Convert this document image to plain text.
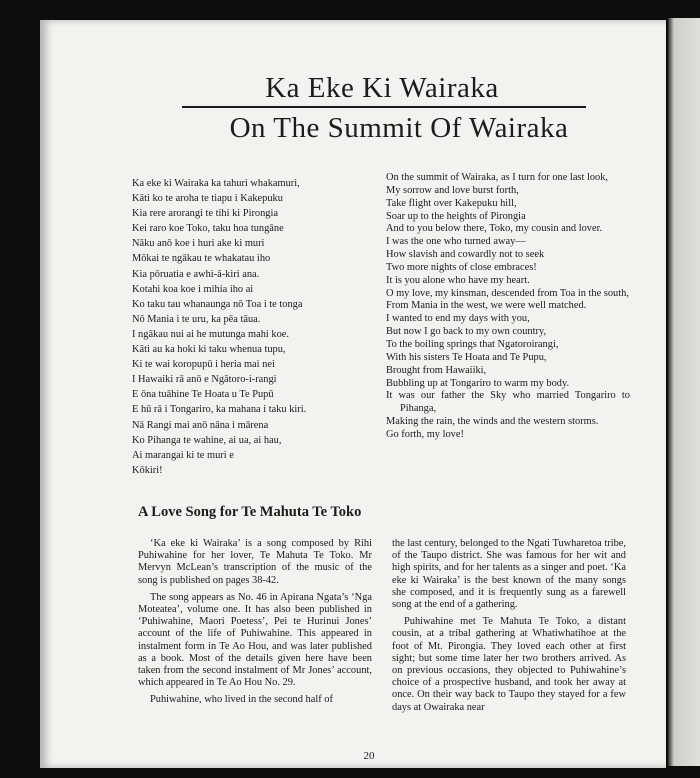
Ka Eke Ki Wairaka
On The Summit Of Wairaka
Ka eke ki Wairaka ka tahuri whakamuri,
Kāti ko te aroha te tiapu i Kakepuku
Kia rere arorangi te tihi ki Pirongia
Kei raro koe Toko, taku hoa tungāne
Nāku anō koe i huri ake ki muri
Mōkai te ngākau te whakatau iho
Kia pōruatia e awhi-ā-kiri ana.
Kotahi koa koe i mihia iho ai
Ko taku tau whanaunga nō Toa i te tonga
Nō Mania i te uru, ka pēa tāua.
I ngākau nui ai he mutunga mahi koe.
Kāti au ka hoki ki taku whenua tupu,
Ki te wai koropupū i heria mai nei
I Hawaiki rā anō e Ngātoro-i-rangi
E ōna tuāhine Te Hoata u Te Pupū
E hū rā i Tongariro, ka mahana i taku kiri.
Nā Rangi mai anō nāna i mārena
Ko Pihanga te wahine, ai ua, ai hau,
Ai marangai ki te muri e
Kōkiri!
On the summit of Wairaka, as I turn for one last look,
My sorrow and love burst forth,
Take flight over Kakepuku hill,
Soar up to the heights of Pirongia
And to you below there, Toko, my cousin and lover.
I was the one who turned away—
How slavish and cowardly not to seek
Two more nights of close embraces!
It is you alone who have my heart.
O my love, my kinsman, descended from Toa in the south,
From Mania in the west, we were well matched.
I wanted to end my days with you,
But now I go back to my own country,
To the boiling springs that Ngatoroirangi,
With his sisters Te Hoata and Te Pupu,
Brought from Hawaiiki,
Bubbling up at Tongariro to warm my body.
It was our father the Sky who married Tongariro to Pihanga,
Making the rain, the winds and the western storms.
Go forth, my love!
A Love Song for Te Mahuta Te Toko

‘Ka eke ki Wairaka’ is a song composed by Rihi Puhiwahine for her lover, Te Mahuta Te Toko. Mr Mervyn McLean’s transcription of the music of the song is published on pages 38-42.

The song appears as No. 46 in Apirana Ngata’s ‘Nga Moteatea’, volume one. It has also been published in ‘Puhiwahine, Maori Poetess’, Pei te Hurinui Jones’ account of the life of Puhiwahine. This appeared in instalment form in Te Ao Hou, and was later published as a book. Most of the details given here have been taken from the second instalment of Mr Jones’ account, which appeared in Te Ao Hou No. 29.

Puhiwahine, who lived in the second half of

the last century, belonged to the Ngati Tuwharetoa tribe, of the Taupo district. She was famous for her wit and high spirits, and for her talents as a singer and poet. ‘Ka eke ki Wairaka’ is the best known of the many songs she composed, and it is frequently sung as a farewell song at the end of a gathering.

Puhiwahine met Te Mahuta Te Toko, a distant cousin, at a tribal gathering at Whatiwhatihoe at the foot of Mt. Pirongia. They loved each other at first sight; but some time later her two brothers arrived. As on previous occasions, they objected to Puhiwahine’s choice of a prospective husband, and took her away at once. On their way back to Taupo they stayed for a few days at Owairaka near

20
